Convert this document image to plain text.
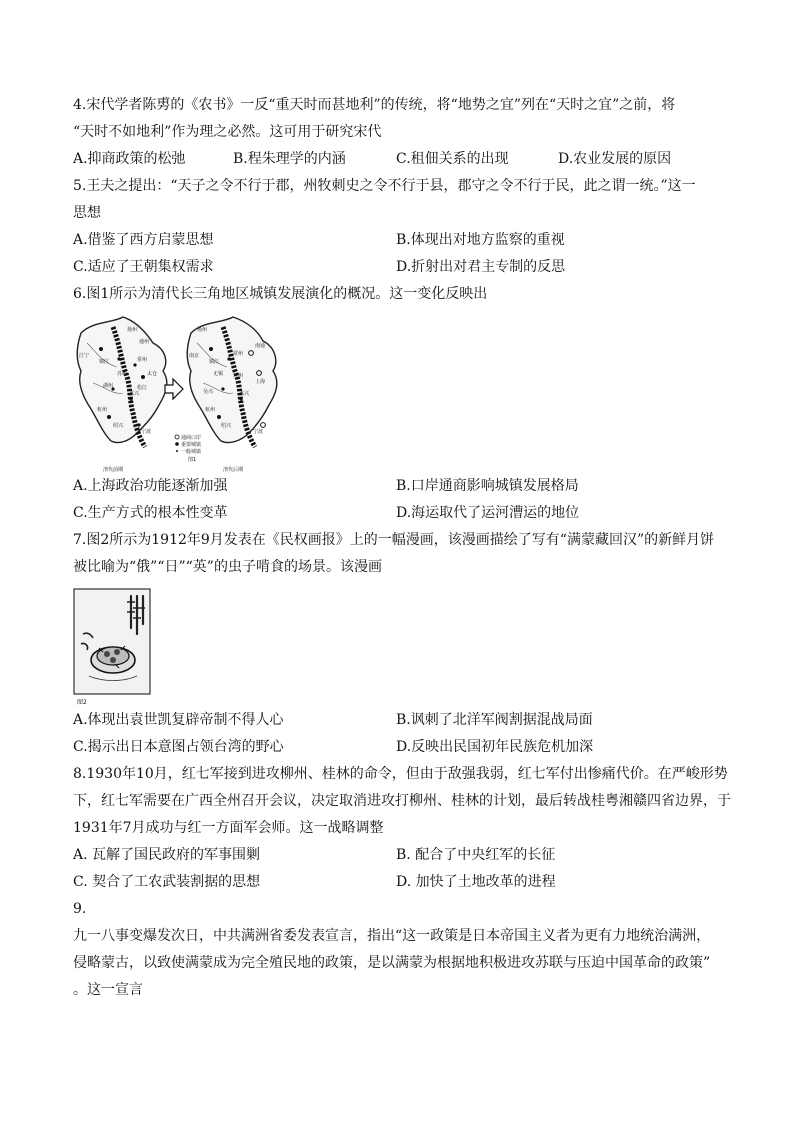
4.宋代学者陈旉的《农书》一反“重天时而甚地利”的传统，将“地势之宜”列在“天时之宜”之前，将
“天时不如地利”作为理之必然。这可用于研究宋代
A.抑商政策的松弛	B.程朱理学的内涵	C.租佃关系的出现	D.农业发展的原因
5.王夫之提出：“天子之令不行于郡，州牧刺史之令不行于县，郡守之令不行于民，此之谓一统。”这一
思想
A.借鉴了西方启蒙思想	B.体现出对地方监察的重视
C.适应了王朝集权需求	D.折射出对君主专制的反思
6.图1所示为清代长三角地区城镇发展演化的概况。这一变化反映出
扬州
通州
江宁
镇江	常州
苏州	太仓
松江
湖州
嘉兴
杭州
绍兴
宁波
扬州
南通
南京
镇江
常州
无锡 苏州
上海
吴兴	嘉兴
杭州
绍兴
宁波
通商口岸
重要城镇
一般城镇
图1
清代前期	清代后期
A.上海政治功能逐渐加强	B.口岸通商影响城镇发展格局
C.生产方式的根本性变革	D.海运取代了运河漕运的地位
7.图2所示为1912年9月发表在《民权画报》上的一幅漫画，该漫画描绘了写有“满蒙藏回汉”的新鲜月饼
被比喻为“俄”“日”“英”的虫子啃食的场景。该漫画
图2
A.体现出袁世凯复辟帝制不得人心	B.讽刺了北洋军阀割据混战局面
C.揭示出日本意图占领台湾的野心	D.反映出民国初年民族危机加深
8.1930年10月，红七军接到进攻柳州、桂林的命令，但由于敌强我弱，红七军付出惨痛代价。在严峻形势
下，红七军需要在广西全州召开会议，决定取消进攻打柳州、桂林的计划，最后转战桂粤湘赣四省边界，于
1931年7月成功与红一方面军会师。这一战略调整
A. 瓦解了国民政府的军事围剿	B. 配合了中央红军的长征
C. 契合了工农武装割据的思想	D. 加快了土地改革的进程
9.
九一八事变爆发次日，中共满洲省委发表宣言，指出“这一政策是日本帝国主义者为更有力地统治满洲，
侵略蒙古，以致使满蒙成为完全殖民地的政策，是以满蒙为根据地积极进攻苏联与压迫中国革命的政策”
。这一宣言
